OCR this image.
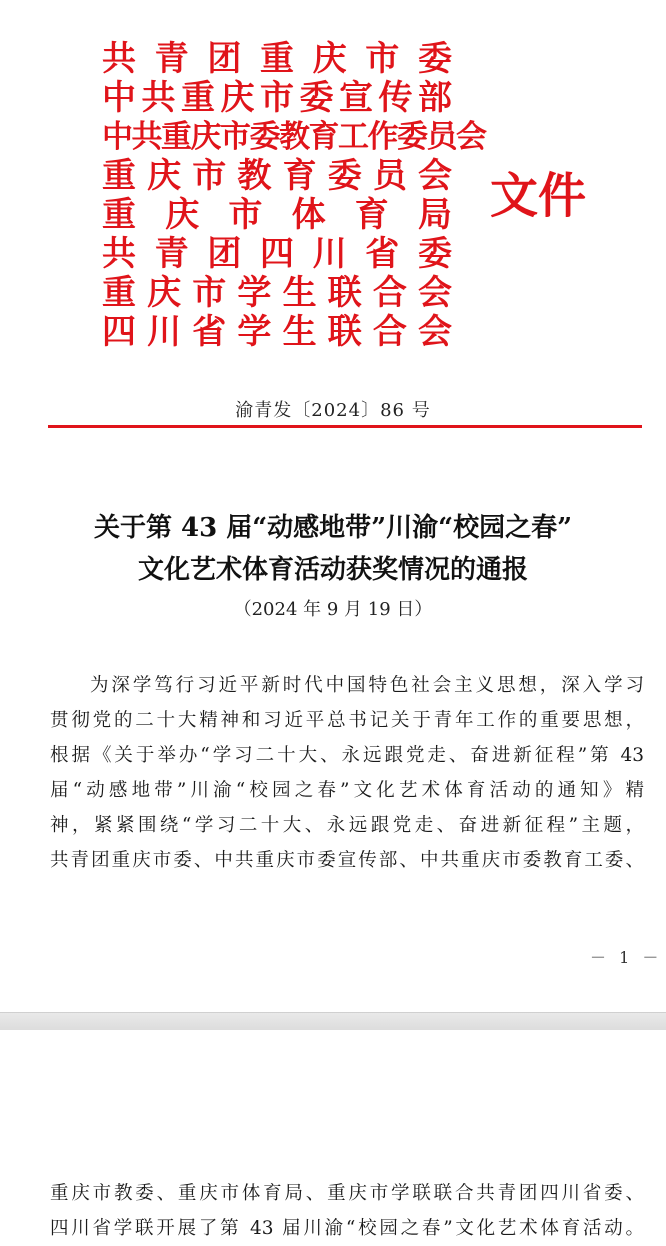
共 青 团 重 庆 市 委
中 共 重 庆 市 委 宣 传 部
中 共 重 庆 市 委 教 育 工 作 委 员 会
重 庆 市 教 育 委 员 会
重 庆 市 体 育 局
共 青 团 四 川 省 委
重 庆 市 学 生 联 合 会
四 川 省 学 生 联 合 会
文件
渝青发〔2024〕86 号
关于第 43 届“动感地带”川渝“校园之春”
文化艺术体育活动获奖情况的通报
（2024 年 9 月 19 日）
为深学笃行习近平新时代中国特色社会主义思想，深入学习
贯彻党的二十大精神和习近平总书记关于青年工作的重要思想，
根据《关于举办“学习二十大、永远跟党走、奋进新征程”第 43
届“动感地带”川渝“校园之春”文化艺术体育活动的通知》精
神，紧紧围绕“学习二十大、永远跟党走、奋进新征程”主题，
共青团重庆市委、中共重庆市委宣传部、中共重庆市委教育工委、
－ 1 －
重庆市教委、重庆市体育局、重庆市学联联合共青团四川省委、
四川省学联开展了第 43 届川渝“校园之春”文化艺术体育活动。
